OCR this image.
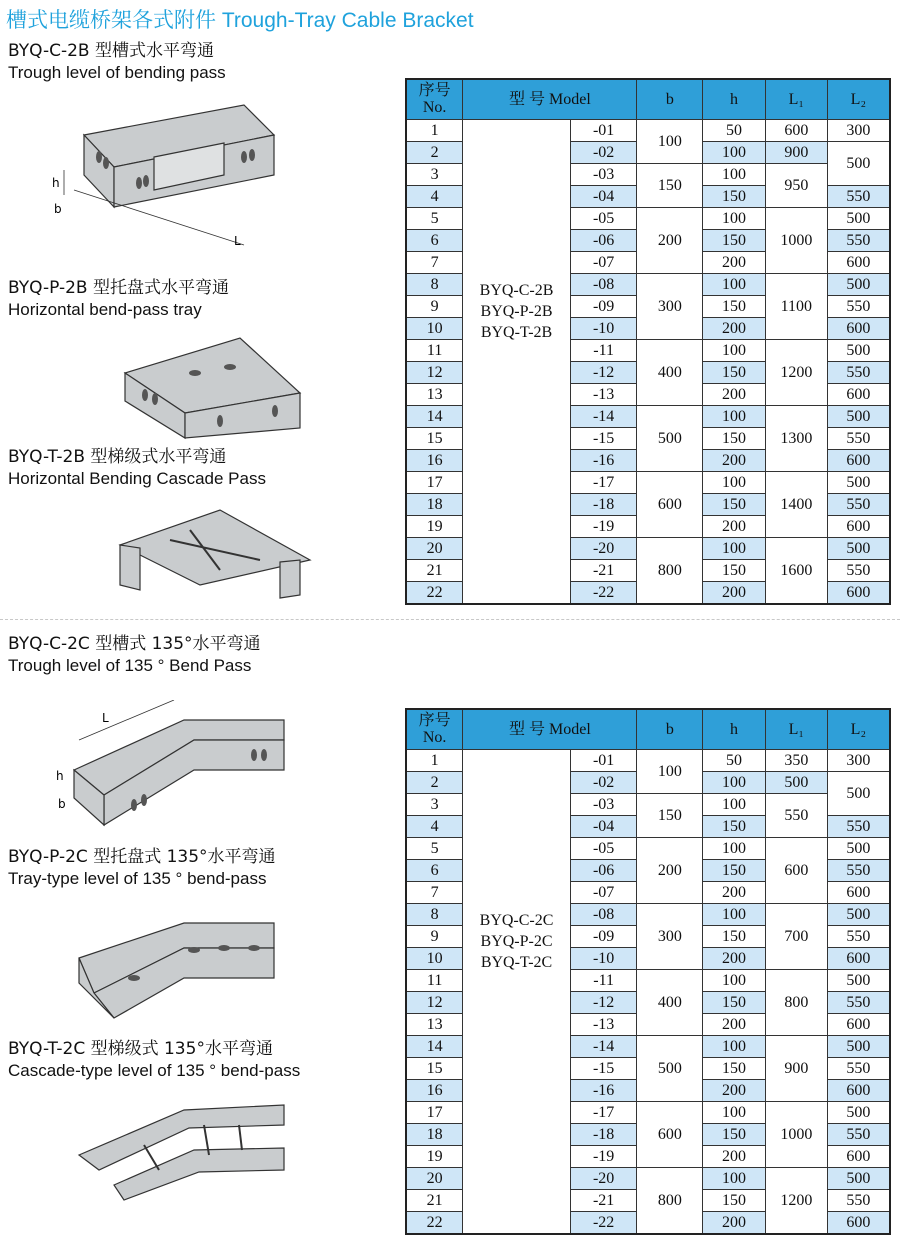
槽式电缆桥架各式附件 Trough-Tray Cable Bracket
BYQ-C-2B 型槽式水平弯通
Trough level of bending pass
BYQ-P-2B 型托盘式水平弯通
Horizontal bend-pass tray
BYQ-T-2B 型梯级式水平弯通
Horizontal Bending Cascade Pass
h
b
L
BYQ-C-2C 型槽式 135°水平弯通
Trough level of 135 ° Bend Pass
BYQ-P-2C 型托盘式 135°水平弯通
Tray-type level of 135 ° bend-pass
BYQ-T-2C 型梯级式 135°水平弯通
Cascade-type level of 135 ° bend-pass
L
h
b
序号
No.	型 号 Model		b	h	L₁	L₂
1	BYQ-C-2B
BYQ-P-2B
BYQ-T-2B	-01	100	50	600	300
2		-02		100	900	500
3		-03	150	100	950	
4		-04		150		550
5		-05	200	100	1000	500
6		-06		150		550
7		-07		200		600
8		-08	300	100	1100	500
9		-09		150		550
10		-10		200		600
11		-11	400	100	1200	500
12		-12		150		550
13		-13		200		600
14		-14	500	100	1300	500
15		-15		150		550
16		-16		200		600
17		-17	600	100	1400	500
18		-18		150		550
19		-19		200		600
20		-20	800	100	1600	500
21		-21		150		550
22		-22		200		600
序号
No.	型 号 Model		b	h	L₁	L₂
1	BYQ-C-2C
BYQ-P-2C
BYQ-T-2C	-01	100	50	350	300
2		-02		100	500	500
3		-03	150	100	550	
4		-04		150		550
5		-05	200	100	600	500
6		-06		150		550
7		-07		200		600
8		-08	300	100	700	500
9		-09		150		550
10		-10		200		600
11		-11	400	100	800	500
12		-12		150		550
13		-13		200		600
14		-14	500	100	900	500
15		-15		150		550
16		-16		200		600
17		-17	600	100	1000	500
18		-18		150		550
19		-19		200		600
20		-20	800	100	1200	500
21		-21		150		550
22		-22		200		600
